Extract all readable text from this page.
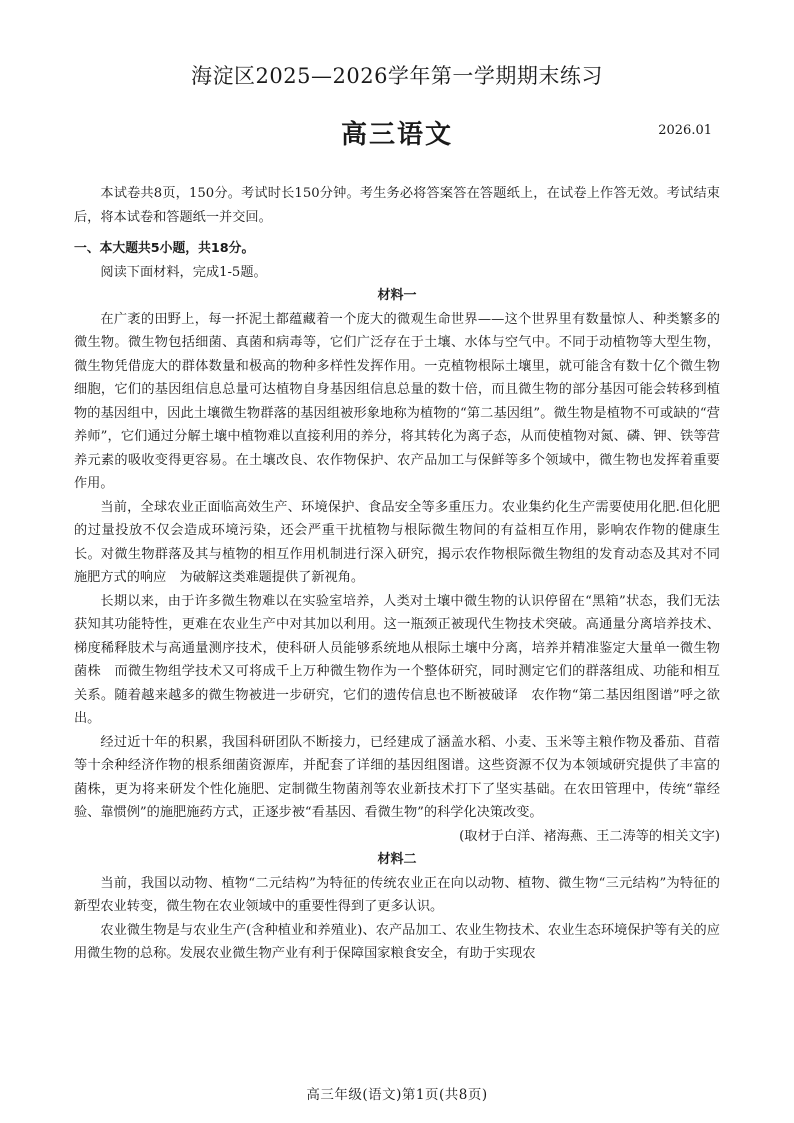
海淀区2025—2026学年第一学期期末练习
高三语文	2026.01

本试卷共8页，150分。考试时长150分钟。考生务必将答案答在答题纸上，在试卷上作答无效。考试结束后，将本试卷和答题纸一并交回。

一、本大题共5小题，共18分。

阅读下面材料，完成1-5题。

材料一

在广袤的田野上，每一抔泥土都蕴藏着一个庞大的微观生命世界——这个世界里有数量惊人、种类繁多的微生物。微生物包括细菌、真菌和病毒等，它们广泛存在于土壤、水体与空气中。不同于动植物等大型生物，微生物凭借庞大的群体数量和极高的物种多样性发挥作用。一克植物根际土壤里，就可能含有数十亿个微生物细胞，它们的基因组信息总量可达植物自身基因组信息总量的数十倍，而且微生物的部分基因可能会转移到植物的基因组中，因此土壤微生物群落的基因组被形象地称为植物的“第二基因组”。微生物是植物不可或缺的“营养师”，它们通过分解土壤中植物难以直接利用的养分，将其转化为离子态，从而使植物对氮、磷、钾、铁等营养元素的吸收变得更容易。在土壤改良、农作物保护、农产品加工与保鲜等多个领域中，微生物也发挥着重要作用。

当前，全球农业正面临高效生产、环境保护、食品安全等多重压力。农业集约化生产需要使用化肥.但化肥的过量投放不仅会造成环境污染，还会严重干扰植物与根际微生物间的有益相互作用，影响农作物的健康生长。对微生物群落及其与植物的相互作用机制进行深入研究，揭示农作物根际微生物组的发育动态及其对不同施肥方式的响应　为破解这类难题提供了新视角。

长期以来，由于许多微生物难以在实验室培养，人类对土壤中微生物的认识停留在“黑箱”状态，我们无法获知其功能特性，更难在农业生产中对其加以利用。这一瓶颈正被现代生物技术突破。高通量分离培养技术、梯度稀释肢术与高通量测序技术，使科研人员能够系统地从根际土壤中分离，培养并精准鉴定大量单一微生物菌株　而微生物组学技术又可将成千上万种微生物作为一个整体研究，同时测定它们的群落组成、功能和相互关系。随着越来越多的微生物被进一步研究，它们的遗传信息也不断被破译　农作物“第二基因组图谱”呼之欲出。

经过近十年的积累，我国科研团队不断接力，已经建成了涵盖水稻、小麦、玉米等主粮作物及番茄、苜蓿等十余种经济作物的根系细菌资源库，并配套了详细的基因组图谱。这些资源不仅为本领域研究提供了丰富的菌株，更为将来研发个性化施肥、定制微生物菌剂等农业新技术打下了坚实基础。在农田管理中，传统“靠经验、靠惯例”的施肥施药方式，正逐步被“看基因、看微生物”的科学化决策改变。

(取材于白洋、褚海燕、王二涛等的相关文字)

材料二

当前，我国以动物、植物“二元结构”为特征的传统农业正在向以动物、植物、微生物“三元结构”为特征的新型农业转变，微生物在农业领域中的重要性得到了更多认识。

农业微生物是与农业生产(含种植业和养殖业)、农产品加工、农业生物技术、农业生态环境保护等有关的应用微生物的总称。发展农业微生物产业有利于保障国家粮食安全，有助于实现农

高三年级(语文)第1页(共8页)
